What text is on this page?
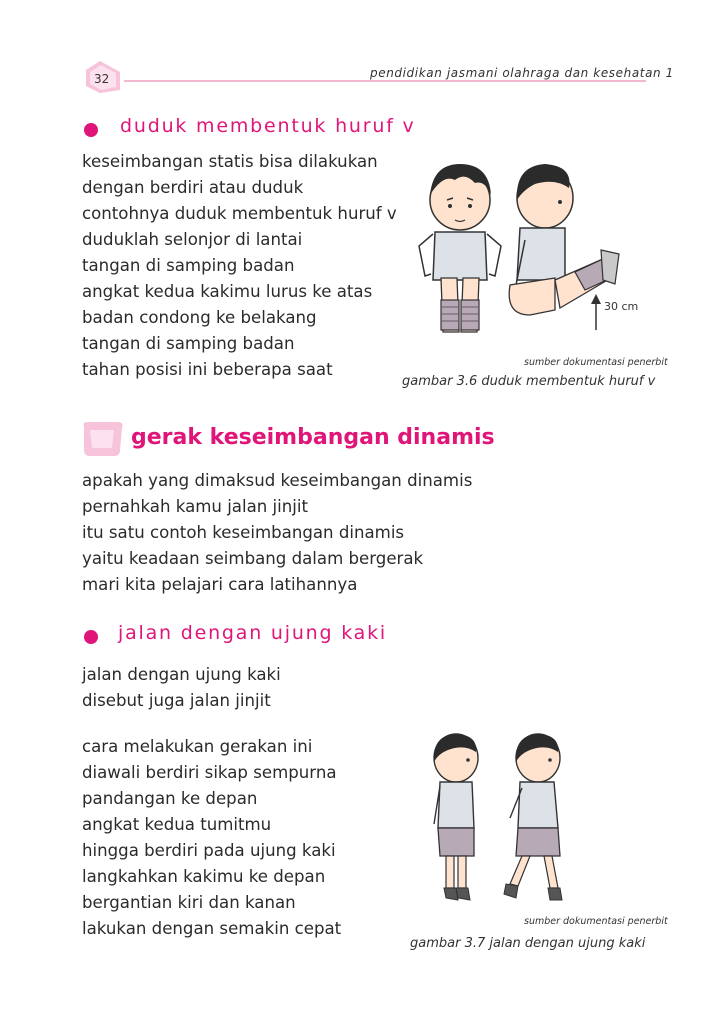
32	pendidikan jasmani olahraga dan kesehatan 1
duduk membentuk huruf v
keseimbangan statis bisa dilakukan
dengan berdiri atau duduk
contohnya duduk membentuk huruf v
duduklah selonjor di lantai
tangan di samping badan
angkat kedua kakimu lurus ke atas
badan condong ke belakang
tangan di samping badan
tahan posisi ini beberapa saat
30 cm
sumber dokumentasi penerbit
gambar 3.6 duduk membentuk huruf v
gerak keseimbangan dinamis
apakah yang dimaksud keseimbangan dinamis
pernahkah kamu jalan jinjit
itu satu contoh keseimbangan dinamis
yaitu keadaan seimbang dalam bergerak
mari kita pelajari cara latihannya
jalan dengan ujung kaki
jalan dengan ujung kaki
disebut juga jalan jinjit
cara melakukan gerakan ini
diawali berdiri sikap sempurna
pandangan ke depan
angkat kedua tumitmu
hingga berdiri pada ujung kaki
langkahkan kakimu ke depan
bergantian kiri dan kanan
lakukan dengan semakin cepat	sumber dokumentasi penerbit
gambar 3.7 jalan dengan ujung kaki
